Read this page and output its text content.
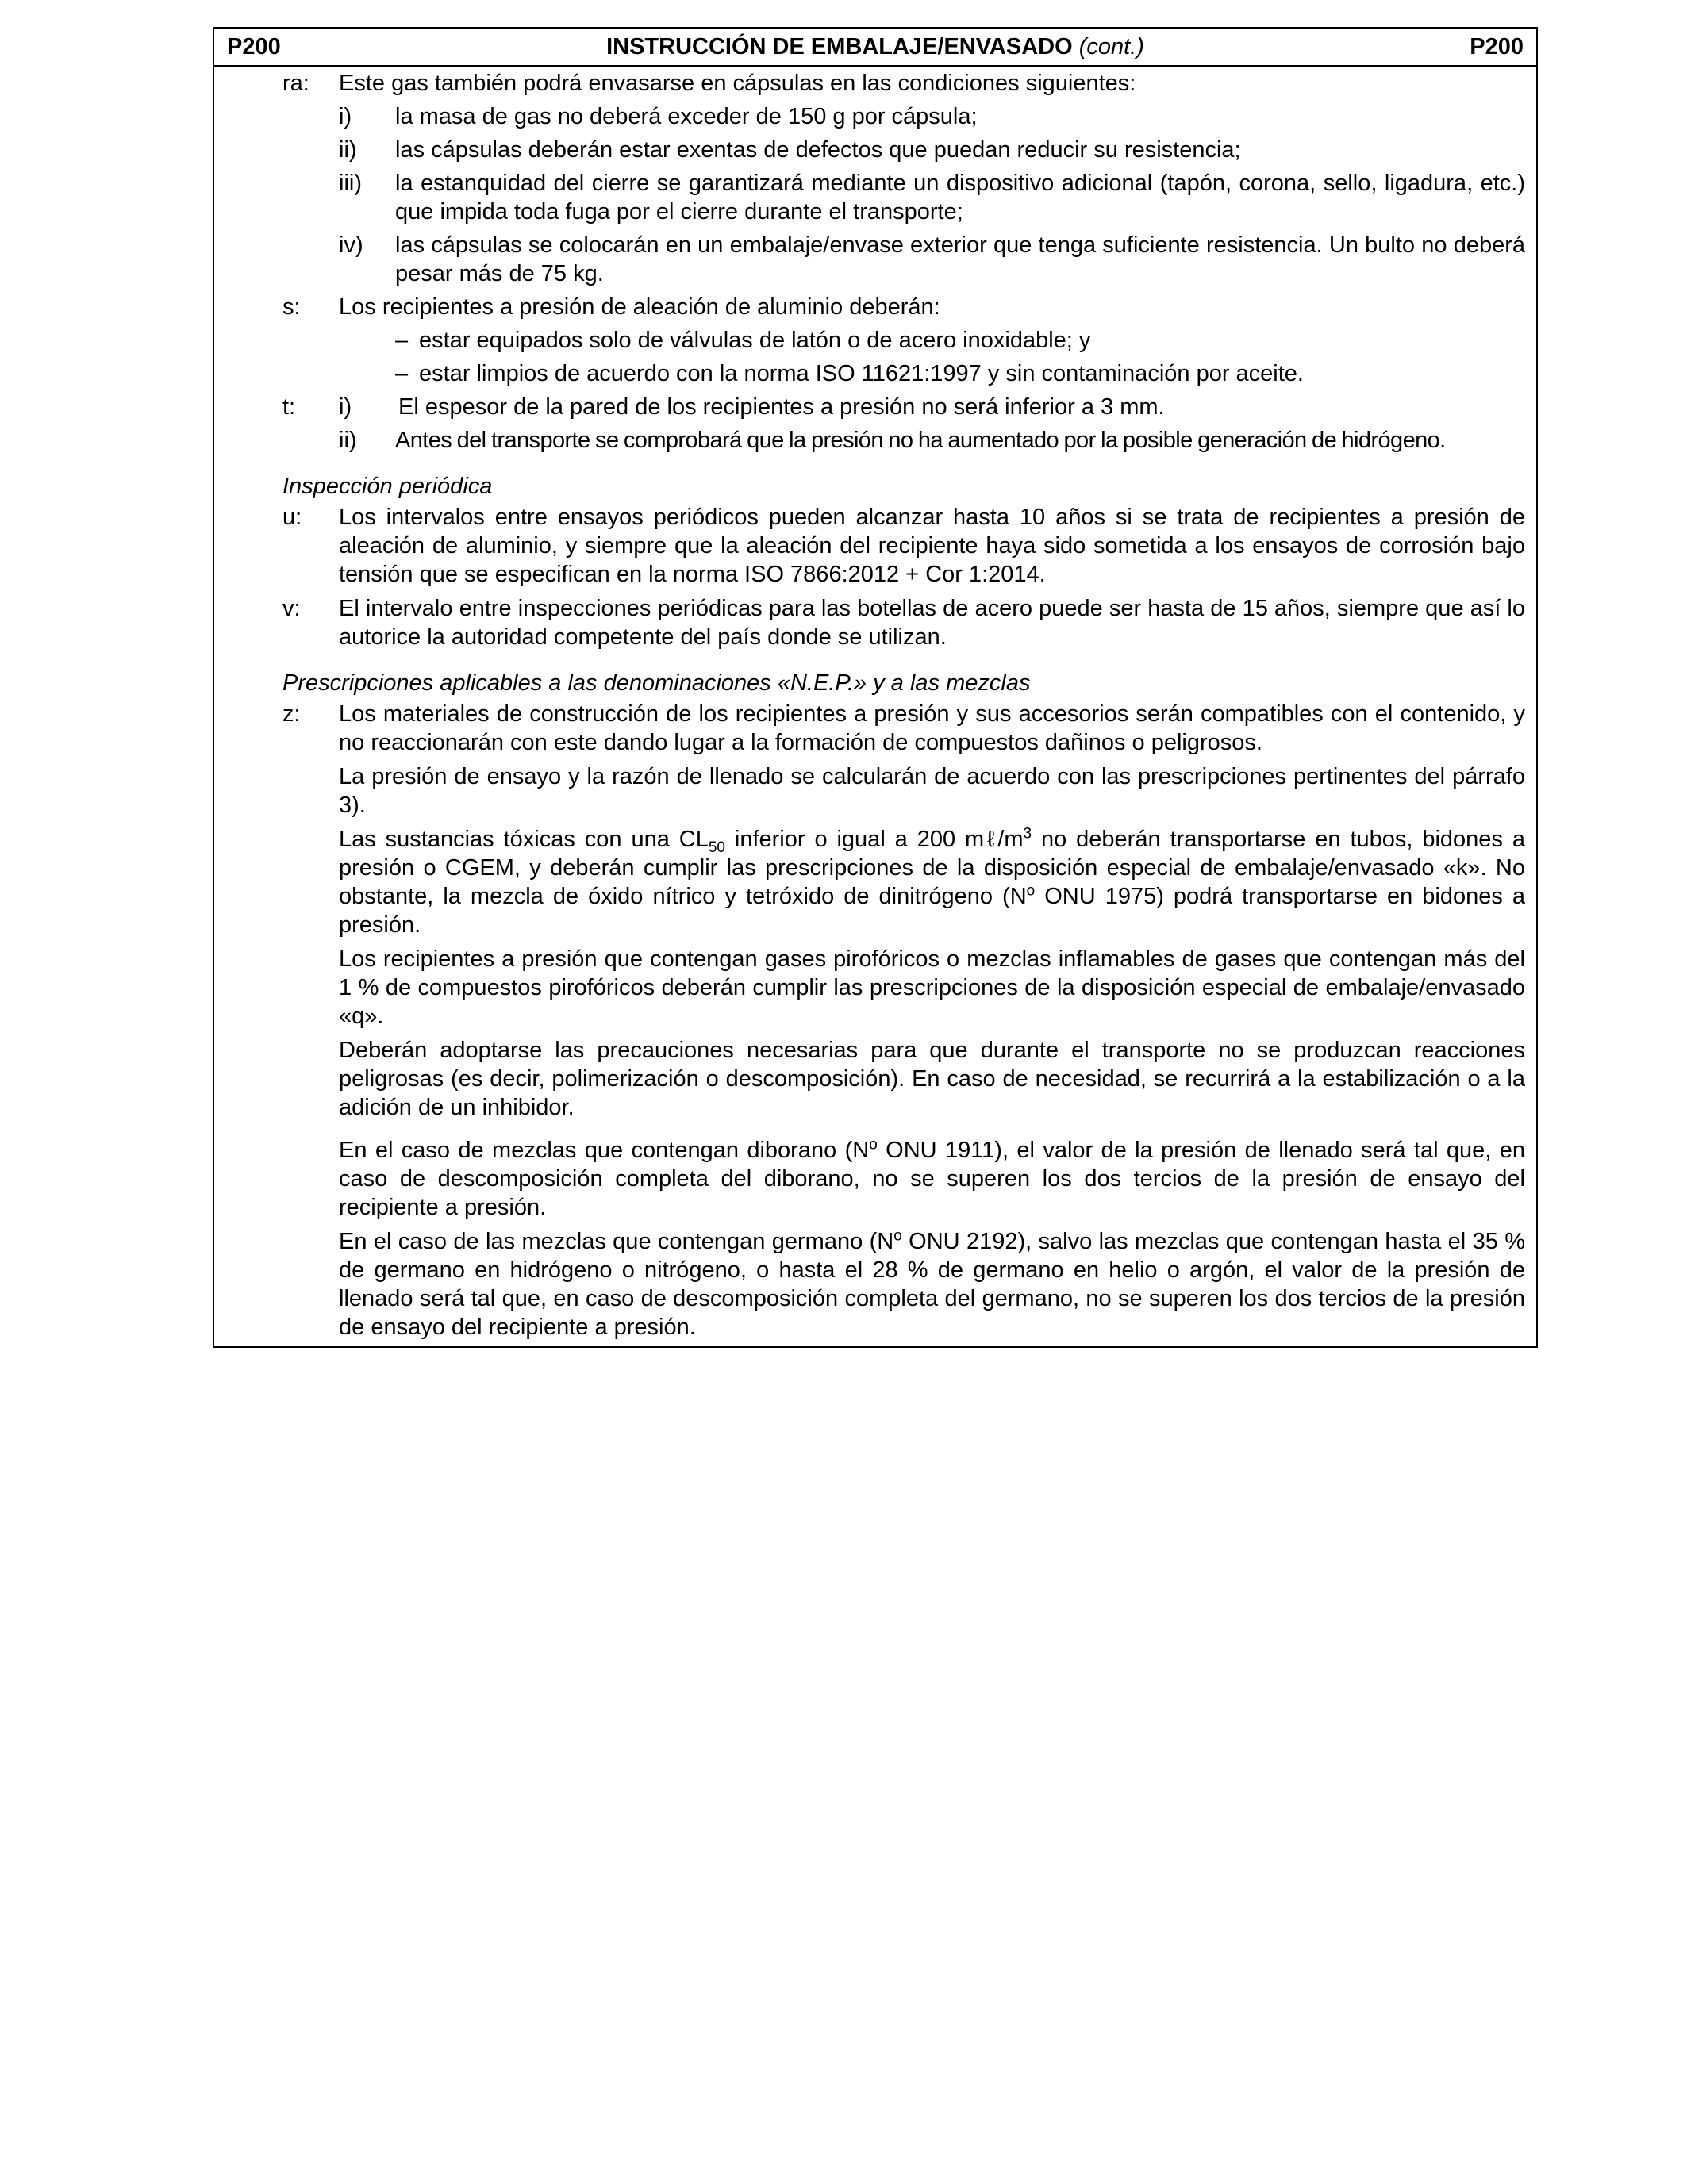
P200	INSTRUCCIÓN DE EMBALAJE/ENVASADO (cont.)	P200
ra:	Este gas también podrá envasarse en cápsulas en las condiciones siguientes:
i)	la masa de gas no deberá exceder de 150 g por cápsula;
ii)	las cápsulas deberán estar exentas de defectos que puedan reducir su resistencia;
iii)	la estanquidad del cierre se garantizará mediante un dispositivo adicional (tapón, corona, sello, ligadura, etc.) que impida toda fuga por el cierre durante el transporte;
iv)	las cápsulas se colocarán en un embalaje/envase exterior que tenga suficiente resistencia. Un bulto no deberá pesar más de 75 kg.
s:	Los recipientes a presión de aleación de aluminio deberán:
– estar equipados solo de válvulas de latón o de acero inoxidable; y
– estar limpios de acuerdo con la norma ISO 11621:1997 y sin contaminación por aceite.
t:	i)	El espesor de la pared de los recipientes a presión no será inferior a 3 mm.
ii)	Antes del transporte se comprobará que la presión no ha aumentado por la posible generación de hidrógeno.
Inspección periódica
u:	Los intervalos entre ensayos periódicos pueden alcanzar hasta 10 años si se trata de recipientes a presión de aleación de aluminio, y siempre que la aleación del recipiente haya sido sometida a los ensayos de corrosión bajo tensión que se especifican en la norma ISO 7866:2012 + Cor 1:2014.
v:	El intervalo entre inspecciones periódicas para las botellas de acero puede ser hasta de 15 años, siempre que así lo autorice la autoridad competente del país donde se utilizan.
Prescripciones aplicables a las denominaciones «N.E.P.» y a las mezclas
z:	Los materiales de construcción de los recipientes a presión y sus accesorios serán compatibles con el contenido, y no reaccionarán con este dando lugar a la formación de compuestos dañinos o peligrosos.
La presión de ensayo y la razón de llenado se calcularán de acuerdo con las prescripciones pertinentes del párrafo 3).
Las sustancias tóxicas con una $CL_{50}$ inferior o igual a 200 $m\ell/m^3$ no deberán transportarse en tubos, bidones a presión o CGEM, y deberán cumplir las prescripciones de la disposición especial de embalaje/envasado «k». No obstante, la mezcla de óxido nítrico y tetróxido de dinitrógeno ($N^o$ ONU 1975) podrá transportarse en bidones a presión.
Los recipientes a presión que contengan gases pirofóricos o mezclas inflamables de gases que contengan más del 1 % de compuestos pirofóricos deberán cumplir las prescripciones de la disposición especial de embalaje/envasado «q».
Deberán adoptarse las precauciones necesarias para que durante el transporte no se produzcan reacciones peligrosas (es decir, polimerización o descomposición). En caso de necesidad, se recurrirá a la estabilización o a la adición de un inhibidor.
En el caso de mezclas que contengan diborano ($N^o$ ONU 1911), el valor de la presión de llenado será tal que, en caso de descomposición completa del diborano, no se superen los dos tercios de la presión de ensayo del recipiente a presión.
En el caso de las mezclas que contengan germano ($N^o$ ONU 2192), salvo las mezclas que contengan hasta el 35 % de germano en hidrógeno o nitrógeno, o hasta el 28 % de germano en helio o argón, el valor de la presión de llenado será tal que, en caso de descomposición completa del germano, no se superen los dos tercios de la presión de ensayo del recipiente a presión.
